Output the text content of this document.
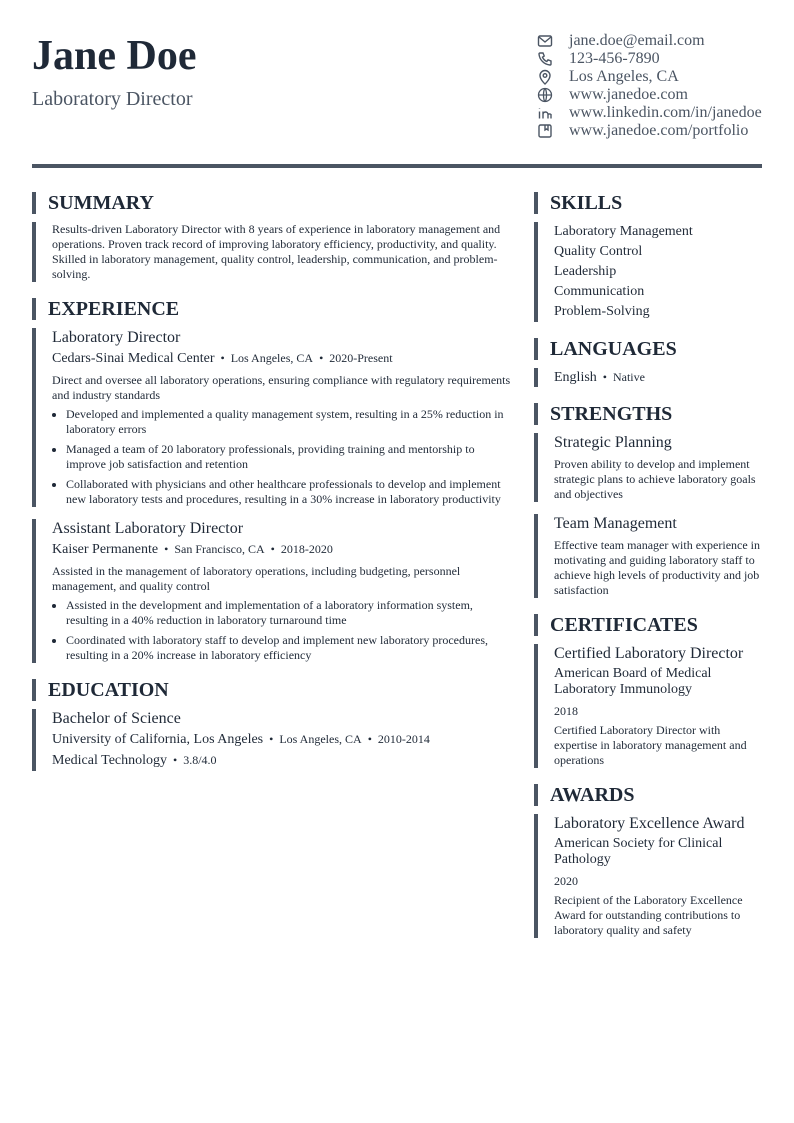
Jane Doe
Laboratory Director
jane.doe@email.com
123-456-7890
Los Angeles, CA
www.janedoe.com
www.linkedin.com/in/janedoe
www.janedoe.com/portfolio
SUMMARY
Results-driven Laboratory Director with 8 years of experience in laboratory management and operations. Proven track record of improving laboratory efficiency, productivity, and quality. Skilled in laboratory management, quality control, leadership, communication, and problem-solving.
EXPERIENCE
Laboratory Director
Cedars-Sinai Medical Center • Los Angeles, CA • 2020-Present
Direct and oversee all laboratory operations, ensuring compliance with regulatory requirements and industry standards
• Developed and implemented a quality management system, resulting in a 25% reduction in laboratory errors
• Managed a team of 20 laboratory professionals, providing training and mentorship to improve job satisfaction and retention
• Collaborated with physicians and other healthcare professionals to develop and implement new laboratory tests and procedures, resulting in a 30% increase in laboratory productivity
Assistant Laboratory Director
Kaiser Permanente • San Francisco, CA • 2018-2020
Assisted in the management of laboratory operations, including budgeting, personnel management, and quality control
• Assisted in the development and implementation of a laboratory information system, resulting in a 40% reduction in laboratory turnaround time
• Coordinated with laboratory staff to develop and implement new laboratory procedures, resulting in a 20% increase in laboratory efficiency
EDUCATION
Bachelor of Science
University of California, Los Angeles • Los Angeles, CA • 2010-2014
Medical Technology • 3.8/4.0
SKILLS
Laboratory Management
Quality Control
Leadership
Communication
Problem-Solving
LANGUAGES
English • Native
STRENGTHS
Strategic Planning
Proven ability to develop and implement strategic plans to achieve laboratory goals and objectives
Team Management
Effective team manager with experience in motivating and guiding laboratory staff to achieve high levels of productivity and job satisfaction
CERTIFICATES
Certified Laboratory Director
American Board of Medical Laboratory Immunology
2018
Certified Laboratory Director with expertise in laboratory management and operations
AWARDS
Laboratory Excellence Award
American Society for Clinical Pathology
2020
Recipient of the Laboratory Excellence Award for outstanding contributions to laboratory quality and safety
